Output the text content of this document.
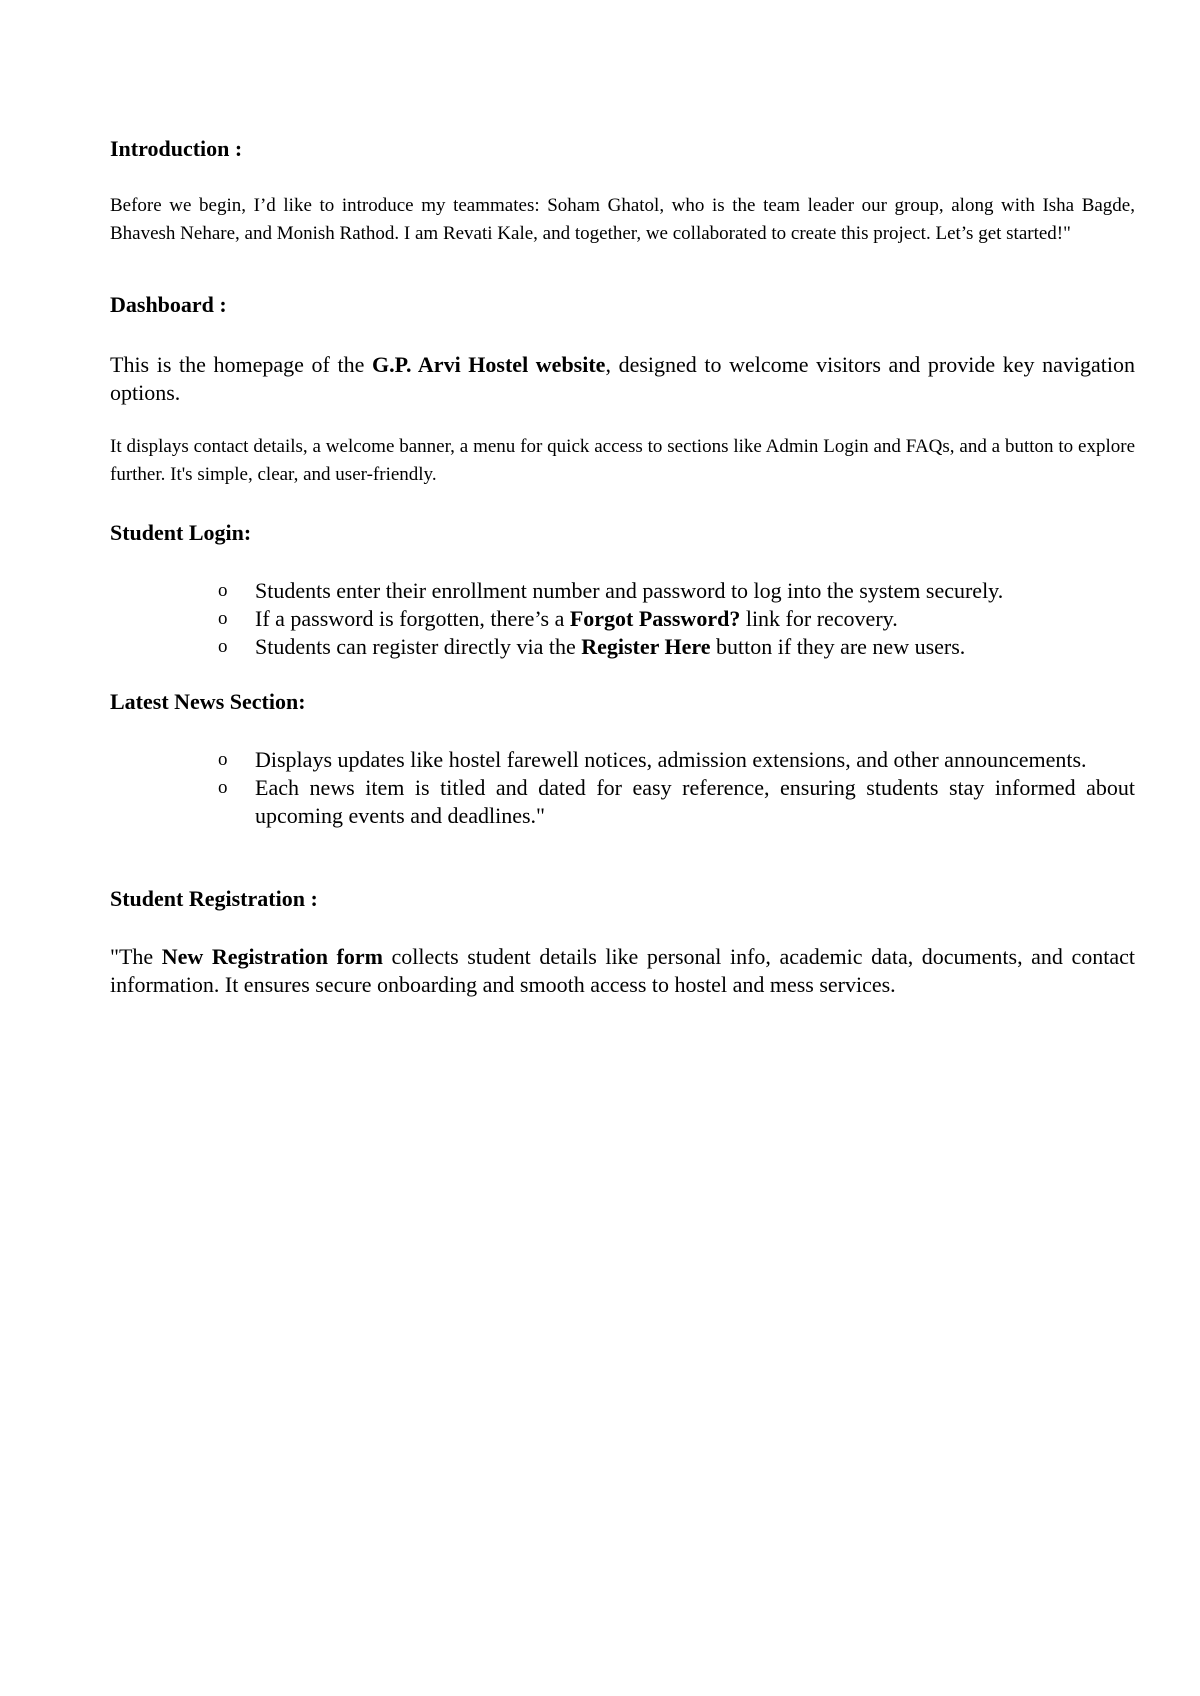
Introduction :

Before we begin, I’d like to introduce my teammates: Soham Ghatol, who is the team leader our group, along with Isha Bagde, Bhavesh Nehare, and Monish Rathod. I am Revati Kale, and together, we collaborated to create this project. Let’s get started!"

Dashboard :

This is the homepage of the G.P. Arvi Hostel website, designed to welcome visitors and provide key navigation options.

It displays contact details, a welcome banner, a menu for quick access to sections like Admin Login and FAQs, and a button to explore further. It's simple, clear, and user-friendly.

Student Login:
o Students enter their enrollment number and password to log into the system securely.
o If a password is forgotten, there’s a Forgot Password? link for recovery.
o Students can register directly via the Register Here button if they are new users.
Latest News Section:
o Displays updates like hostel farewell notices, admission extensions, and other announcements.
o Each news item is titled and dated for easy reference, ensuring students stay informed about upcoming events and deadlines."
Student Registration :

"The New Registration form collects student details like personal info, academic data, documents, and contact information. It ensures secure onboarding and smooth access to hostel and mess services.
